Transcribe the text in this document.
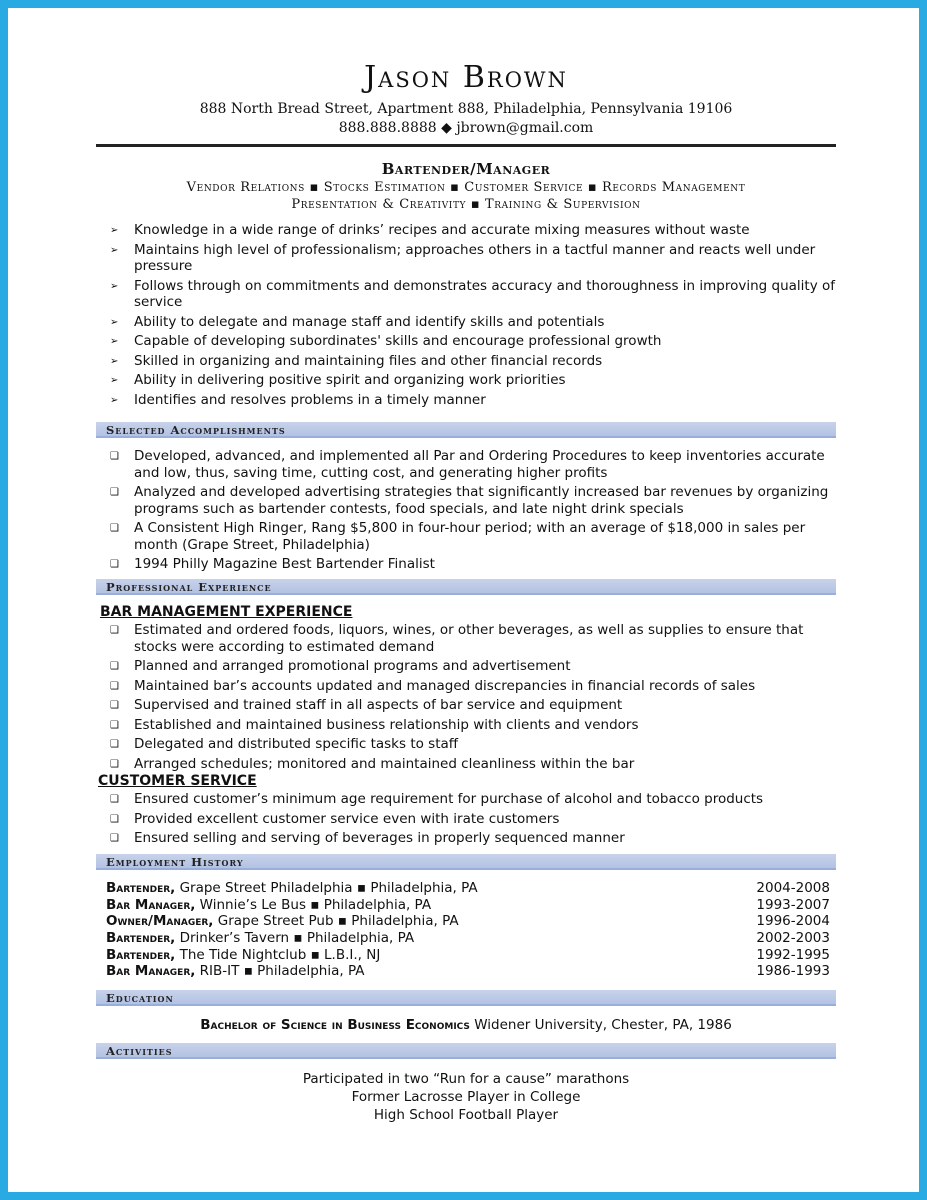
Jason Brown
888 North Bread Street, Apartment 888, Philadelphia, Pennsylvania 19106
888.888.8888 ◆ jbrown@gmail.com
Bartender/Manager
Vendor Relations ▪ Stocks Estimation ▪ Customer Service ▪ Records Management
Presentation & Creativity ▪ Training & Supervision
➢ Knowledge in a wide range of drinks’ recipes and accurate mixing measures without waste
➢ Maintains high level of professionalism; approaches others in a tactful manner and reacts well under pressure
➢ Follows through on commitments and demonstrates accuracy and thoroughness in improving quality of service
➢ Ability to delegate and manage staff and identify skills and potentials
➢ Capable of developing subordinates' skills and encourage professional growth
➢ Skilled in organizing and maintaining files and other financial records
➢ Ability in delivering positive spirit and organizing work priorities
➢ Identifies and resolves problems in a timely manner
Selected Accomplishments
❑ Developed, advanced, and implemented all Par and Ordering Procedures to keep inventories accurate and low, thus, saving time, cutting cost, and generating higher profits
❑ Analyzed and developed advertising strategies that significantly increased bar revenues by organizing programs such as bartender contests, food specials, and late night drink specials
❑ A Consistent High Ringer, Rang $5,800 in four-hour period; with an average of $18,000 in sales per month (Grape Street, Philadelphia)
❑ 1994 Philly Magazine Best Bartender Finalist
Professional Experience
BAR MANAGEMENT EXPERIENCE
❑ Estimated and ordered foods, liquors, wines, or other beverages, as well as supplies to ensure that stocks were according to estimated demand
❑ Planned and arranged promotional programs and advertisement
❑ Maintained bar’s accounts updated and managed discrepancies in financial records of sales
❑ Supervised and trained staff in all aspects of bar service and equipment
❑ Established and maintained business relationship with clients and vendors
❑ Delegated and distributed specific tasks to staff
❑ Arranged schedules; monitored and maintained cleanliness within the bar
CUSTOMER SERVICE
❑ Ensured customer’s minimum age requirement for purchase of alcohol and tobacco products
❑ Provided excellent customer service even with irate customers
❑ Ensured selling and serving of beverages in properly sequenced manner
Employment History
Bartender, Grape Street Philadelphia ▪ Philadelphia, PA	2004-2008
Bar Manager, Winnie’s Le Bus ▪ Philadelphia, PA	1993-2007
Owner/Manager, Grape Street Pub ▪ Philadelphia, PA	1996-2004
Bartender, Drinker’s Tavern ▪ Philadelphia, PA	2002-2003
Bartender, The Tide Nightclub ▪ L.B.I., NJ	1992-1995
Bar Manager, RIB-IT ▪ Philadelphia, PA	1986-1993
Education
Bachelor of Science in Business Economics Widener University, Chester, PA, 1986
Activities
Participated in two “Run for a cause” marathons
Former Lacrosse Player in College
High School Football Player
